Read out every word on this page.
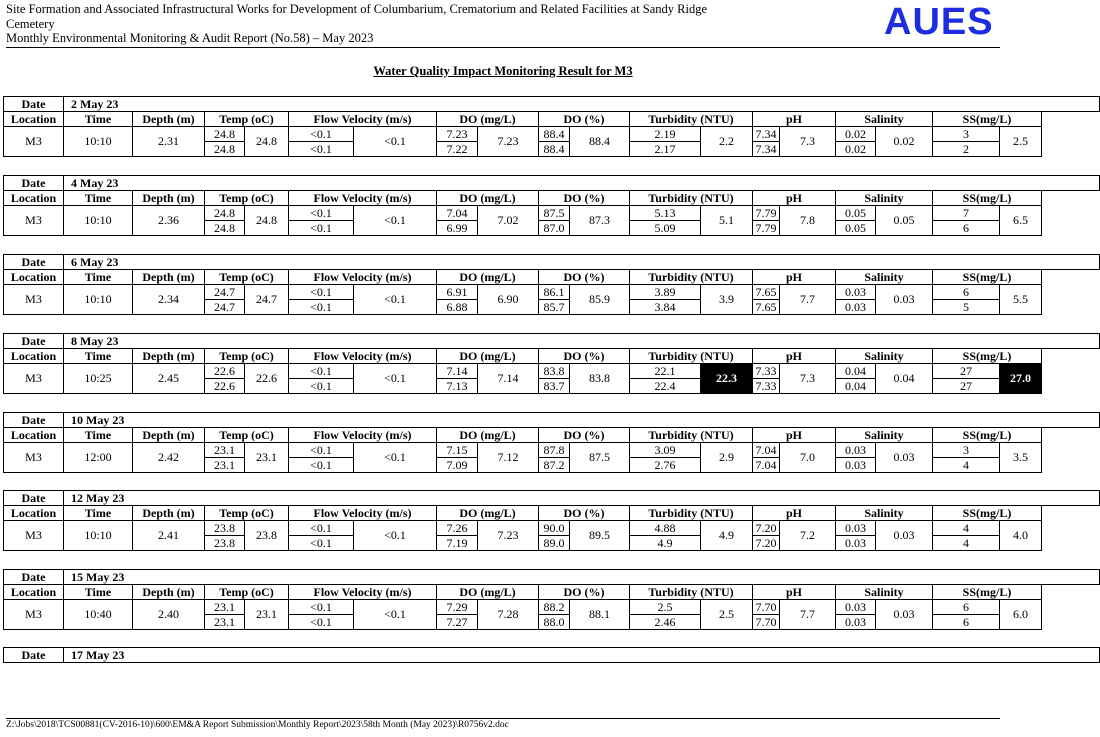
Site Formation and Associated Infrastructural Works for Development of Columbarium, Crematorium and Related Facilities at Sandy Ridge
Cemetery
Monthly Environmental Monitoring & Audit Report (No.58) – May 2023	AUES
Water Quality Impact Monitoring Result for M3
Date	2 May 23																	
Location	Time	Depth (m)	Temp (oC)		Flow Velocity (m/s)		DO (mg/L)		DO (%)		Turbidity (NTU)		pH		Salinity		SS(mg/L)	
M3	10:10	2.31	24.8	24.8	<0.1	<0.1	7.23	7.23	88.4	88.4	2.19	2.2	7.34	7.3	0.02	0.02	3	2.5
			24.8		<0.1		7.22		88.4		2.17		7.34		0.02		2	
Date	4 May 23																	
Location	Time	Depth (m)	Temp (oC)		Flow Velocity (m/s)		DO (mg/L)		DO (%)		Turbidity (NTU)		pH		Salinity		SS(mg/L)	
M3	10:10	2.36	24.8	24.8	<0.1	<0.1	7.04	7.02	87.5	87.3	5.13	5.1	7.79	7.8	0.05	0.05	7	6.5
			24.8		<0.1		6.99		87.0		5.09		7.79		0.05		6	
Date	6 May 23																	
Location	Time	Depth (m)	Temp (oC)		Flow Velocity (m/s)		DO (mg/L)		DO (%)		Turbidity (NTU)		pH		Salinity		SS(mg/L)	
M3	10:10	2.34	24.7	24.7	<0.1	<0.1	6.91	6.90	86.1	85.9	3.89	3.9	7.65	7.7	0.03	0.03	6	5.5
			24.7		<0.1		6.88		85.7		3.84		7.65		0.03		5	
Date	8 May 23																	
Location	Time	Depth (m)	Temp (oC)		Flow Velocity (m/s)		DO (mg/L)		DO (%)		Turbidity (NTU)		pH		Salinity		SS(mg/L)	
M3	10:25	2.45	22.6	22.6	<0.1	<0.1	7.14	7.14	83.8	83.8	22.1	22.3	7.33	7.3	0.04	0.04	27	27.0
			22.6		<0.1		7.13		83.7		22.4		7.33		0.04		27	
Date	10 May 23																	
Location	Time	Depth (m)	Temp (oC)		Flow Velocity (m/s)		DO (mg/L)		DO (%)		Turbidity (NTU)		pH		Salinity		SS(mg/L)	
M3	12:00	2.42	23.1	23.1	<0.1	<0.1	7.15	7.12	87.8	87.5	3.09	2.9	7.04	7.0	0.03	0.03	3	3.5
			23.1		<0.1		7.09		87.2		2.76		7.04		0.03		4	
Date	12 May 23																	
Location	Time	Depth (m)	Temp (oC)		Flow Velocity (m/s)		DO (mg/L)		DO (%)		Turbidity (NTU)		pH		Salinity		SS(mg/L)	
M3	10:10	2.41	23.8	23.8	<0.1	<0.1	7.26	7.23	90.0	89.5	4.88	4.9	7.20	7.2	0.03	0.03	4	4.0
			23.8		<0.1		7.19		89.0		4.9		7.20		0.03		4	
Date	15 May 23																	
Location	Time	Depth (m)	Temp (oC)		Flow Velocity (m/s)		DO (mg/L)		DO (%)		Turbidity (NTU)		pH		Salinity		SS(mg/L)	
M3	10:40	2.40	23.1	23.1	<0.1	<0.1	7.29	7.28	88.2	88.1	2.5	2.5	7.70	7.7	0.03	0.03	6	6.0
			23.1		<0.1		7.27		88.0		2.46		7.70		0.03		6	
Date	17 May 23
Z:\Jobs\2018\TCS00881(CV-2016-10)\600\EM&A Report Submission\Monthly Report\2023\58th Month (May 2023)\R0756v2.doc
